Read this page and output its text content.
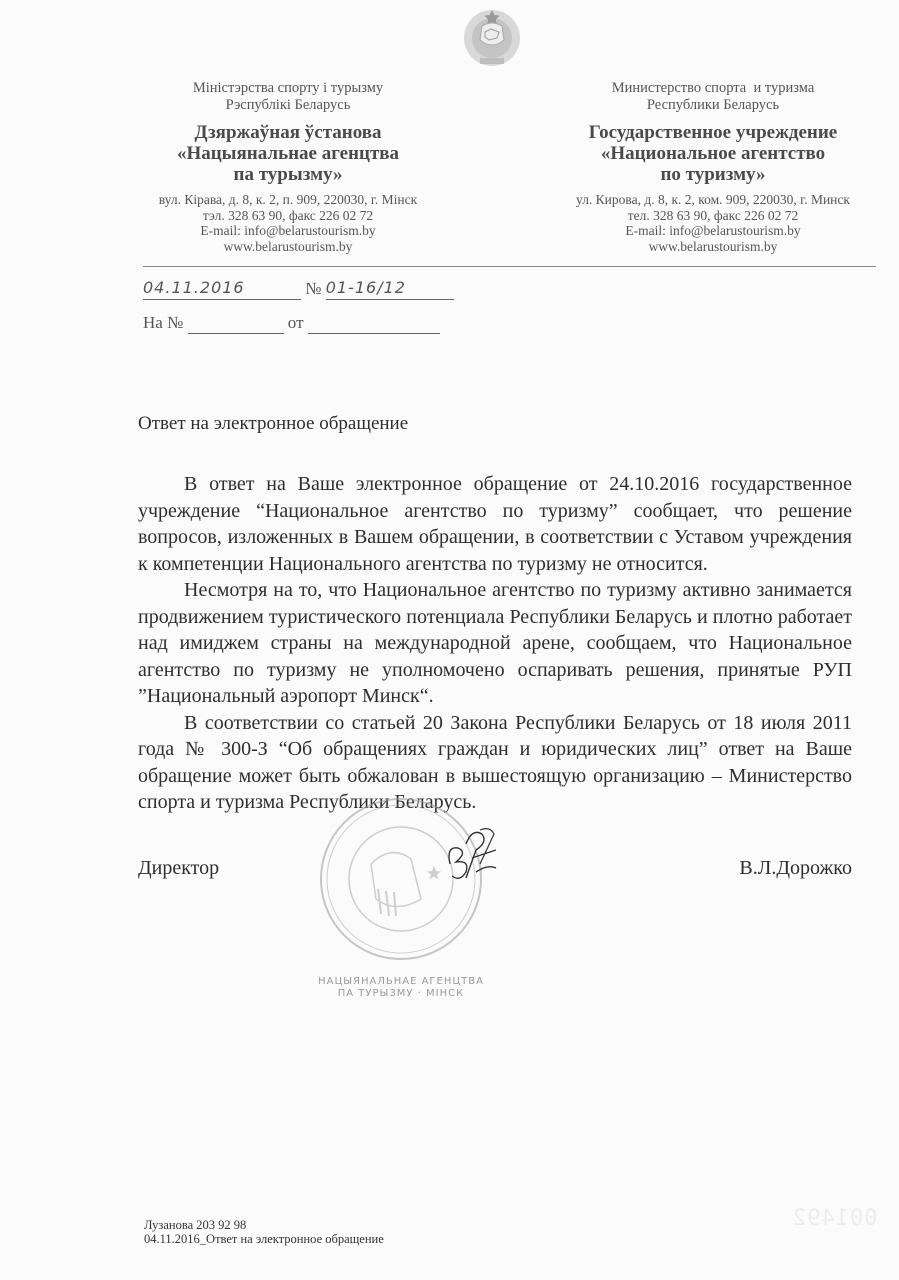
Міністэрства спорту і турызму
Рэспублікі Беларусь
Дзяржаўная ўстанова
«Нацыянальнае агенцтва
па турызму»
вул. Кірава, д. 8, к. 2, п. 909, 220030, г. Мінск
тэл. 328 63 90, факс 226 02 72
E-mail: info@belarustourism.by
www.belarustourism.by
Министерство спорта  и туризма
Республики Беларусь
Государственное учреждение
«Национальное агентство
по туризму»
ул. Кирова, д. 8, к. 2, ком. 909, 220030, г. Минск
тел. 328 63 90, факс 226 02 72
E-mail: info@belarustourism.by
www.belarustourism.by
04.11.2016	№ 01-16/12
На №	от
Ответ на электронное обращение

В ответ на Ваше электронное обращение от 24.10.2016 государственное учреждение “Национальное агентство по туризму” сообщает, что решение вопросов, изложенных в Вашем обращении, в соответствии с Уставом учреждения к компетенции Национального агентства по туризму не относится.

Несмотря на то, что Национальное агентство по туризму активно занимается продвижением туристического потенциала Республики Беларусь и плотно работает над имиджем страны на международной арене, сообщаем, что Национальное агентство по туризму не уполномочено оспаривать решения, принятые РУП ”Национальный аэропорт Минск“.

В соответствии со статьей 20 Закона Республики Беларусь от 18 июля 2011 года № 300-З “Об обращениях граждан и юридических лиц” ответ на Ваше обращение может быть обжалован в вышестоящую организацию – Министерство спорта и туризма Республики Беларусь.

Директор	В.Л.Дорожко
НАЦЫЯНАЛЬНАЕ АГЕНЦТВА ПА ТУРЫЗМУ · МІНСК
Лузанова 203 92 98
04.11.2016_Ответ на электронное обращение
001492
